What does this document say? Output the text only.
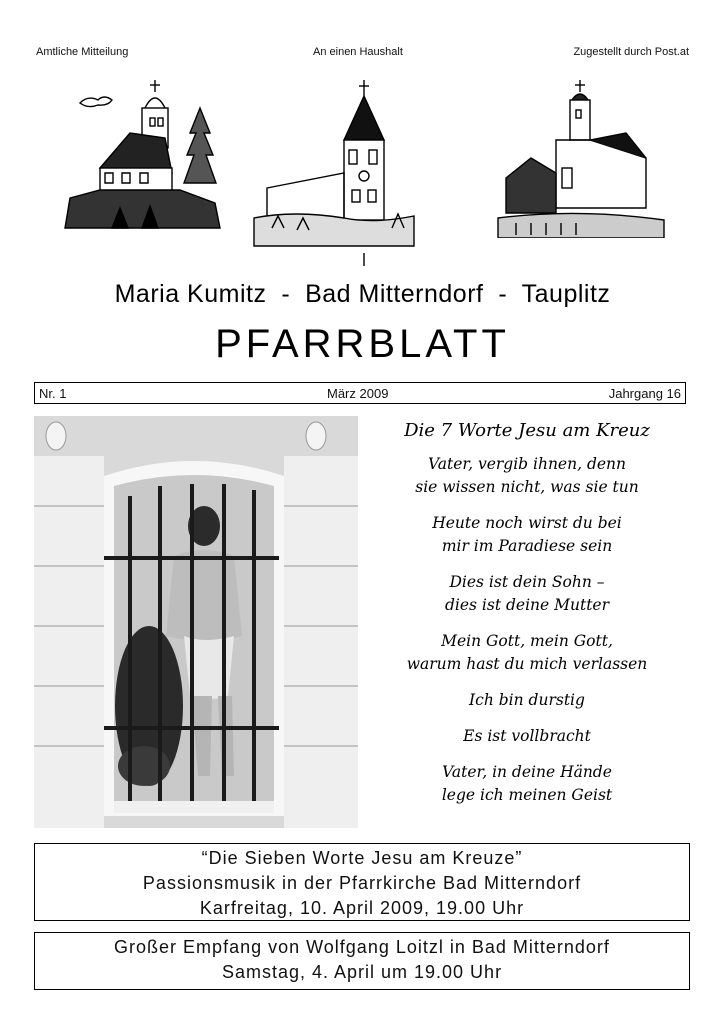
Amtliche Mitteilung	An einen Haushalt	Zugestellt durch Post.at
Maria Kumitz  -  Bad Mitterndorf  -  Tauplitz
PFARRBLATT
Nr. 1	März 2009	Jahrgang 16
Die 7 Worte Jesu am Kreuz
Vater, vergib ihnen, denn
sie wissen nicht, was sie tun
Heute noch wirst du bei
mir im Paradiese sein
Dies ist dein Sohn –
dies ist deine Mutter
Mein Gott, mein Gott,
warum hast du mich verlassen
Ich bin durstig
Es ist vollbracht
Vater, in deine Hände
lege ich meinen Geist
“Die Sieben Worte Jesu am Kreuze”
Passionsmusik in der Pfarrkirche Bad Mitterndorf
Karfreitag, 10. April 2009, 19.00 Uhr
Großer Empfang von Wolfgang Loitzl in Bad Mitterndorf
Samstag, 4. April um 19.00 Uhr
